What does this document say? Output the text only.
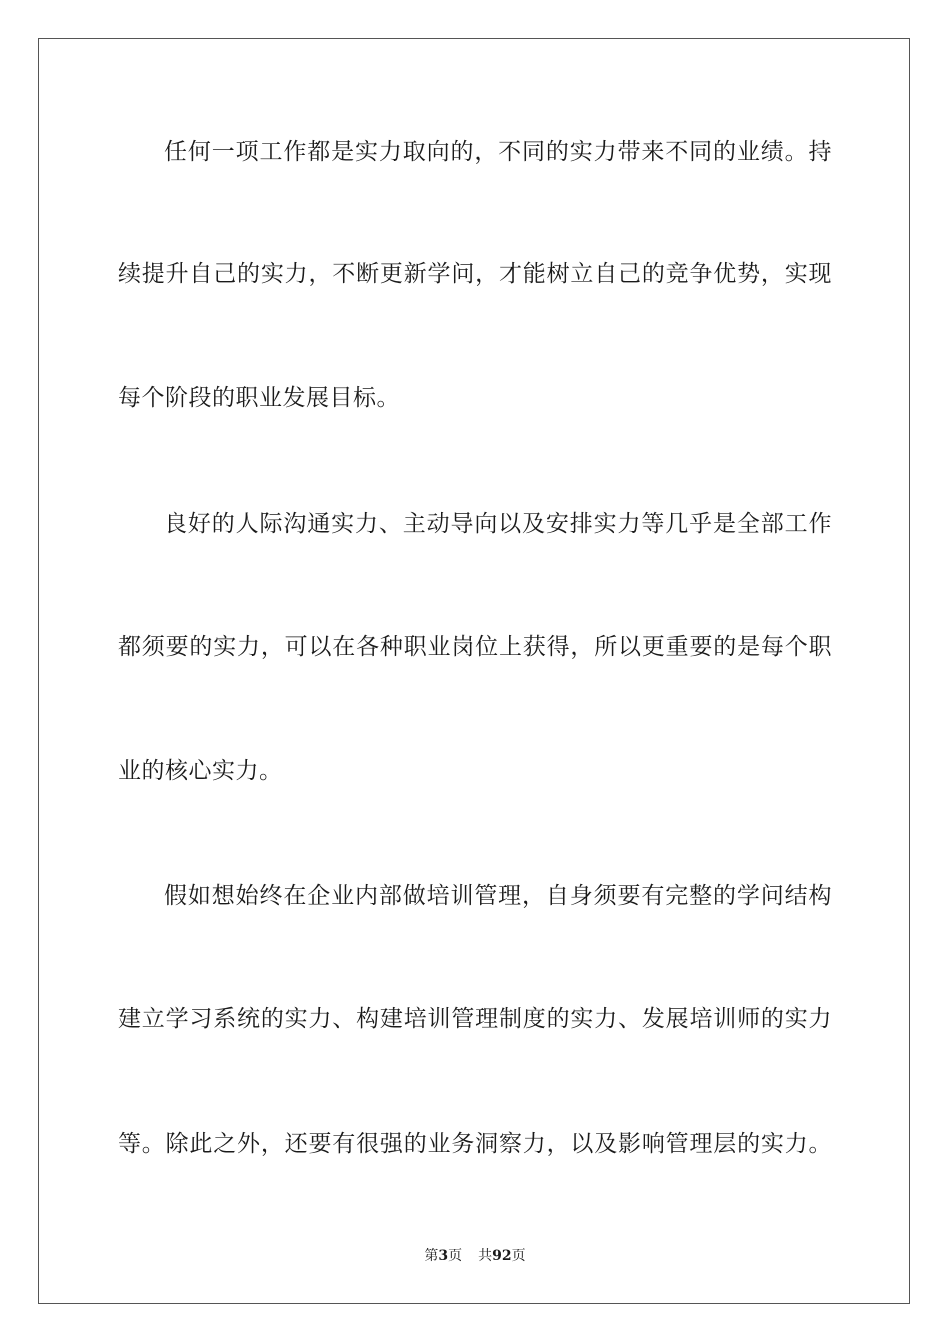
任何一项工作都是实力取向的，不同的实力带来不同的业绩。持
续提升自己的实力，不断更新学问，才能树立自己的竞争优势，实现
每个阶段的职业发展目标。
良好的人际沟通实力、主动导向以及安排实力等几乎是全部工作
都须要的实力，可以在各种职业岗位上获得，所以更重要的是每个职
业的核心实力。
假如想始终在企业内部做培训管理，自身须要有完整的学问结构
建立学习系统的实力、构建培训管理制度的实力、发展培训师的实力
等。除此之外，还要有很强的业务洞察力，以及影响管理层的实力。
第3页 共92页
